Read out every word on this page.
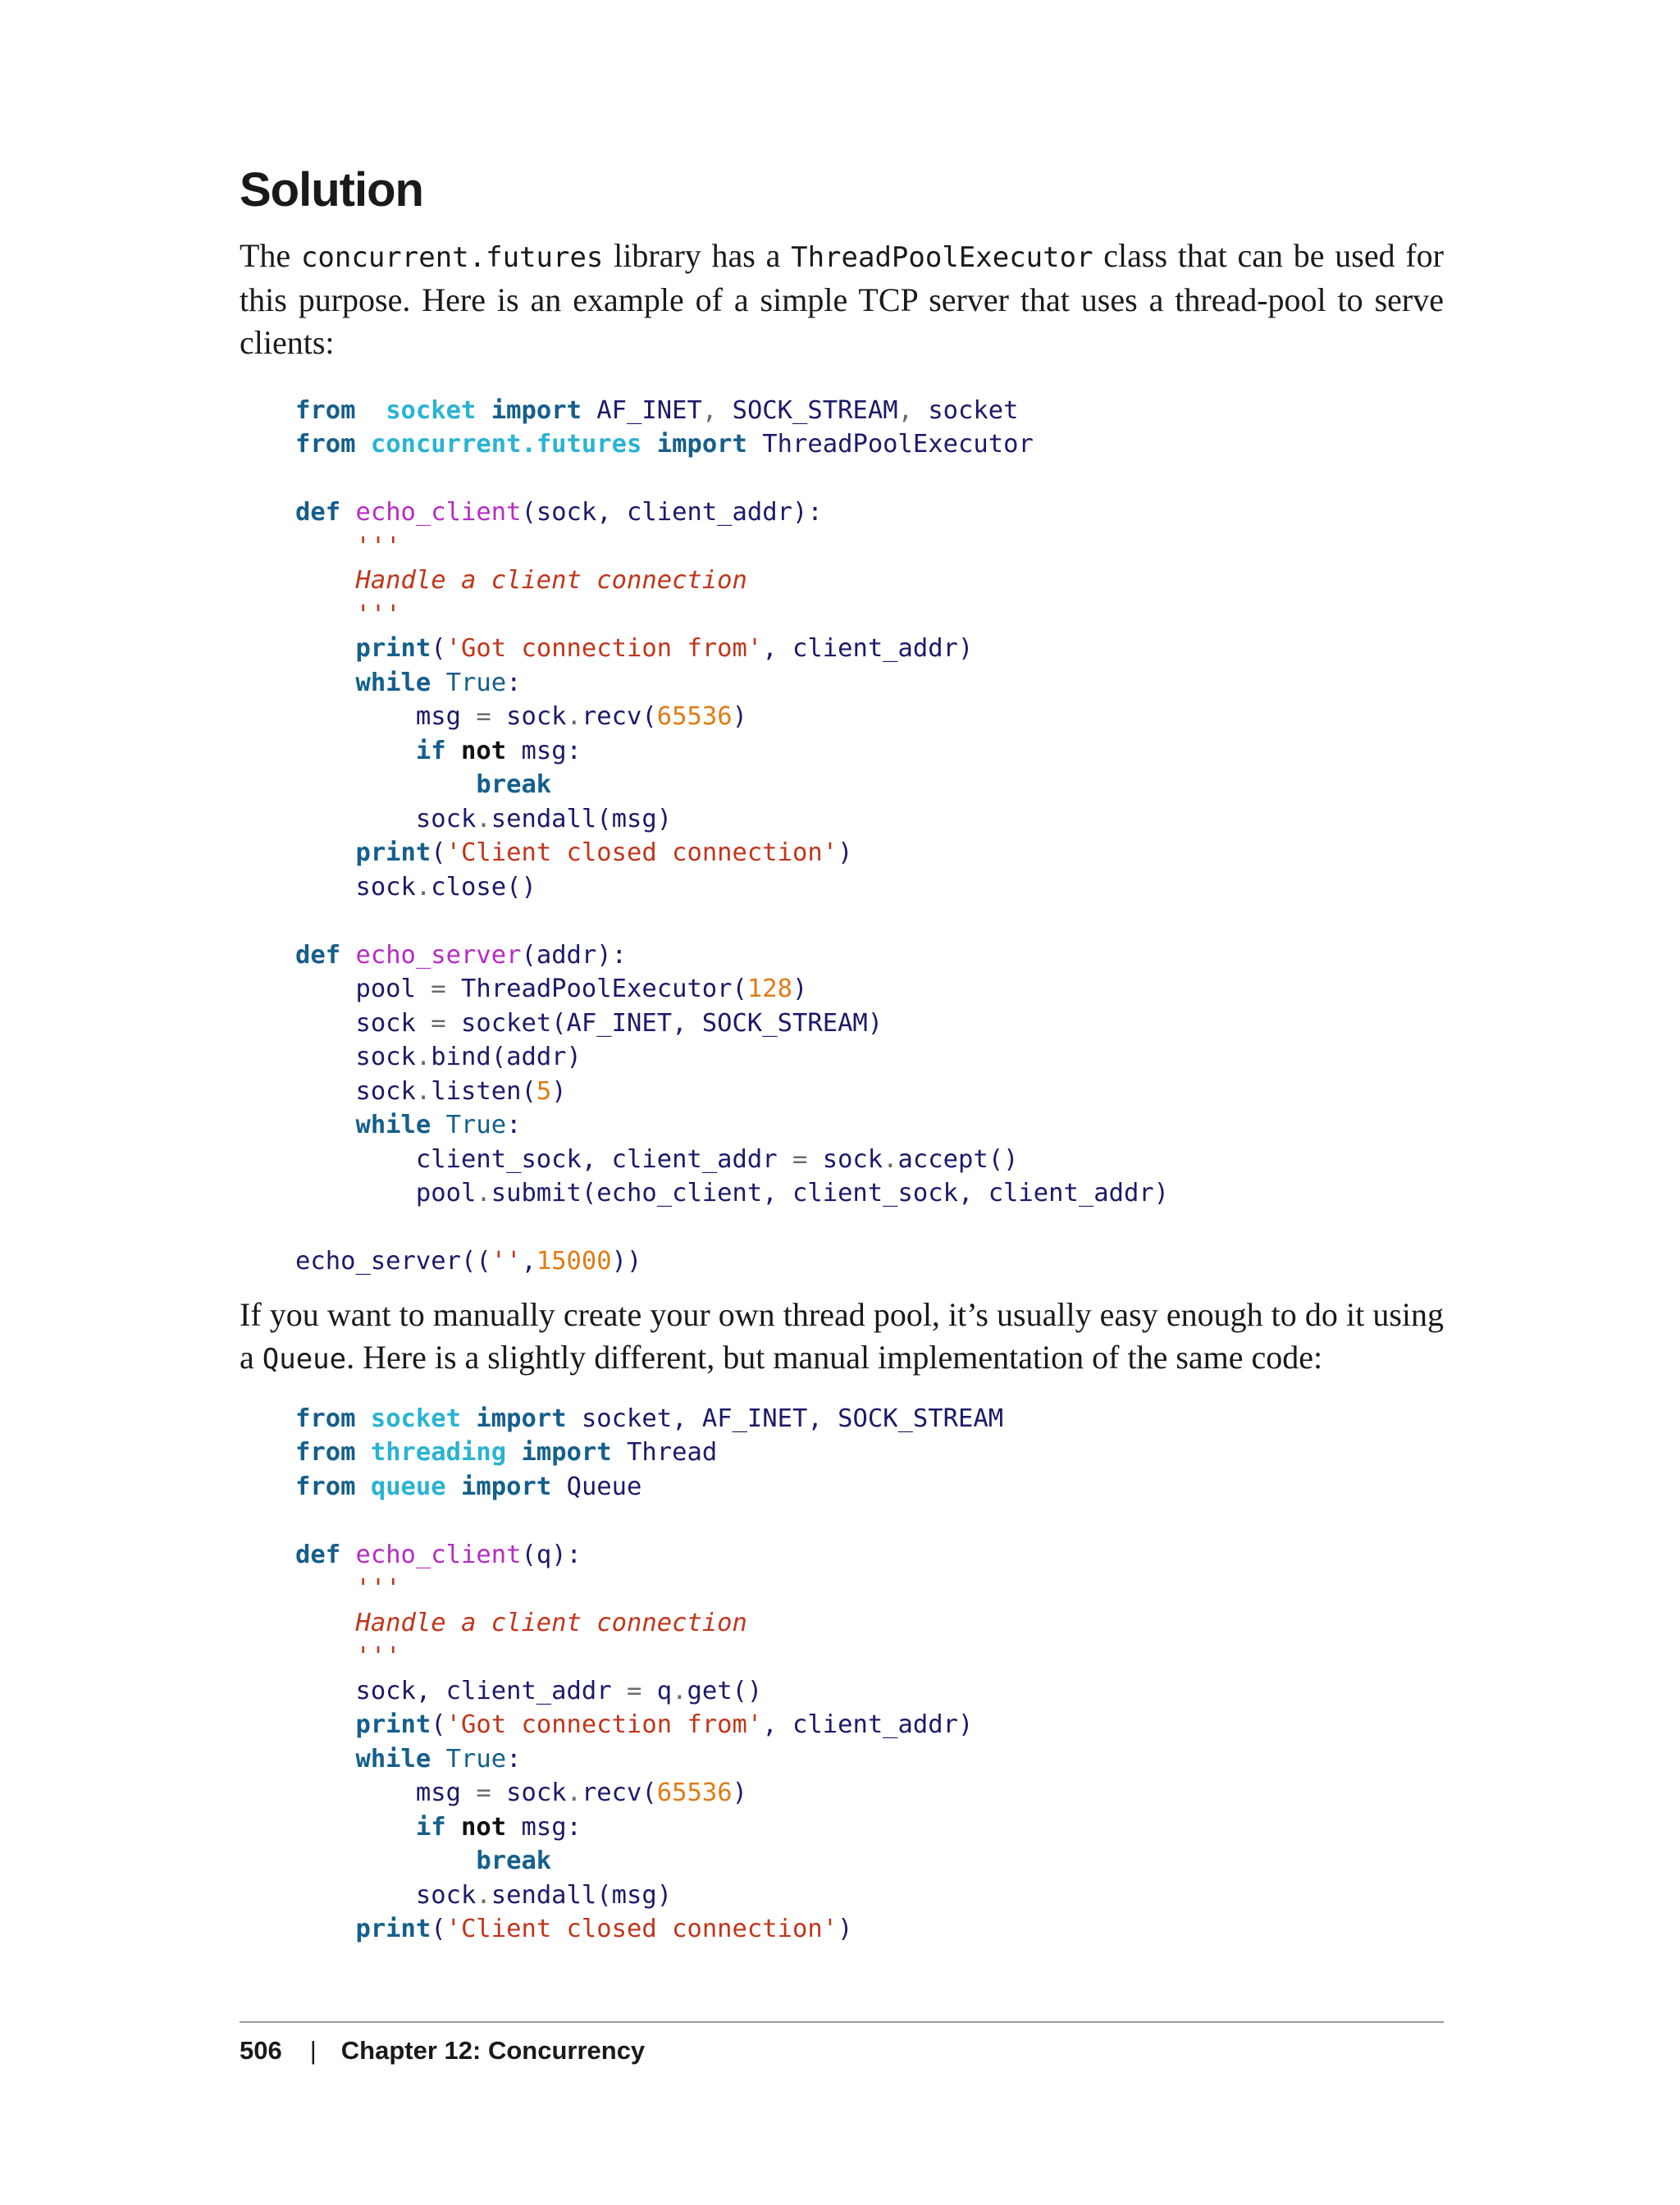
Solution

The concurrent.futures library has a ThreadPoolExecutor class that can be used for this purpose. Here is an example of a simple TCP server that uses a thread-pool to serve clients:

from socket import AF_INET, SOCK_STREAM, socket
from concurrent.futures import ThreadPoolExecutor

def echo_client(sock, client_addr):
'''
Handle a client connection
'''
print('Got connection from', client_addr)
while True:
msg = sock.recv(65536)
if not msg:
break
sock.sendall(msg)
print('Client closed connection')
sock.close()

def echo_server(addr):
pool = ThreadPoolExecutor(128)
sock = socket(AF_INET, SOCK_STREAM)
sock.bind(addr)
sock.listen(5)
while True:
client_sock, client_addr = sock.accept()
pool.submit(echo_client, client_sock, client_addr)

echo_server(('',15000))

If you want to manually create your own thread pool, it’s usually easy enough to do it using a Queue. Here is a slightly different, but manual implementation of the same code:

from socket import socket, AF_INET, SOCK_STREAM
from threading import Thread
from queue import Queue

def echo_client(q):
'''
Handle a client connection
'''
sock, client_addr = q.get()
print('Got connection from', client_addr)
while True:
msg = sock.recv(65536)
if not msg:
break
sock.sendall(msg)
print('Client closed connection')

506 | Chapter 12: Concurrency
